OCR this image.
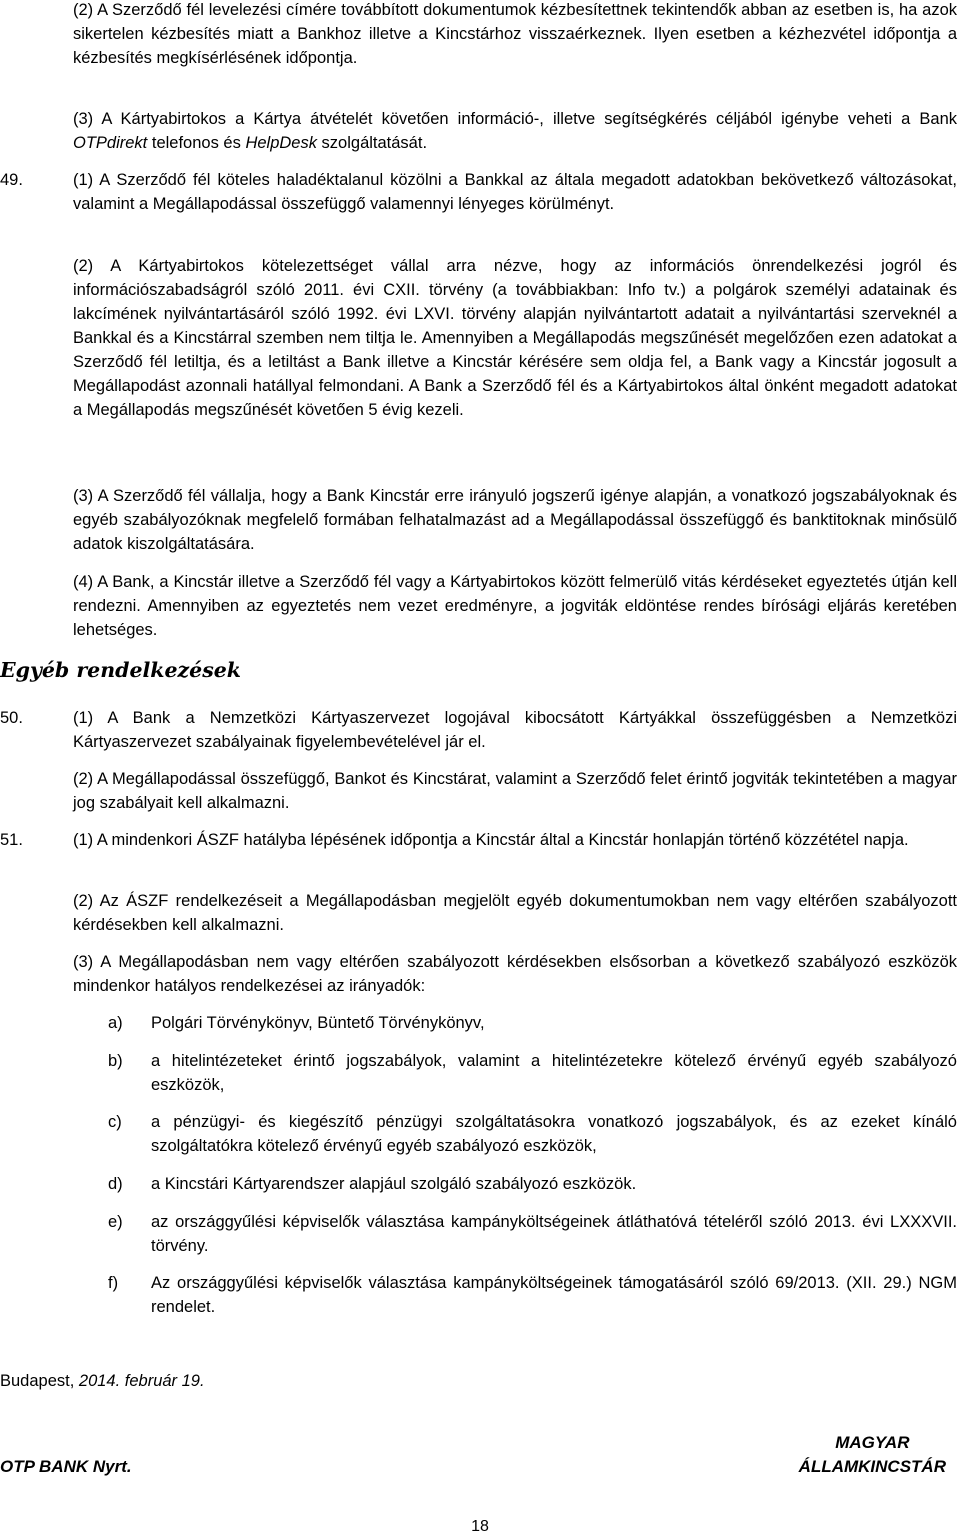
(2) A Szerződő fél levelezési címére továbbított dokumentumok kézbesítettnek tekintendők abban az esetben is, ha azok sikertelen kézbesítés miatt a Bankhoz illetve a Kincstárhoz visszaérkeznek. Ilyen esetben a kézhezvétel időpontja a kézbesítés megkísérlésének időpontja.

(3) A Kártyabirtokos a Kártya átvételét követően információ-, illetve segítségkérés céljából igénybe veheti a Bank OTPdirekt telefonos és HelpDesk szolgáltatását.

49.	(1) A Szerződő fél köteles haladéktalanul közölni a Bankkal az általa megadott adatokban bekövetkező változásokat, valamint a Megállapodással összefüggő valamennyi lényeges körülményt.

(2) A Kártyabirtokos kötelezettséget vállal arra nézve, hogy az információs önrendelkezési jogról és információszabadságról szóló 2011. évi CXII. törvény (a továbbiakban: Info tv.) a polgárok személyi adatainak és lakcímének nyilvántartásáról szóló 1992. évi LXVI. törvény alapján nyilvántartott adatait a nyilvántartási szerveknél a Bankkal és a Kincstárral szemben nem tiltja le. Amennyiben a Megállapodás megszűnését megelőzően ezen adatokat a Szerződő fél letiltja, és a letiltást a Bank illetve a Kincstár kérésére sem oldja fel, a Bank vagy a Kincstár jogosult a Megállapodást azonnali hatállyal felmondani. A Bank a Szerződő fél és a Kártyabirtokos által önként megadott adatokat a Megállapodás megszűnését követően 5 évig kezeli.

(3) A Szerződő fél vállalja, hogy a Bank Kincstár erre irányuló jogszerű igénye alapján, a vonatkozó jogszabályoknak és egyéb szabályozóknak megfelelő formában felhatalmazást ad a Megállapodással összefüggő és banktitoknak minősülő adatok kiszolgáltatására.

(4) A Bank, a Kincstár illetve a Szerződő fél vagy a Kártyabirtokos között felmerülő vitás kérdéseket egyeztetés útján kell rendezni. Amennyiben az egyeztetés nem vezet eredményre, a jogviták eldöntése rendes bírósági eljárás keretében lehetséges.

Egyéb rendelkezések
50.	(1) A Bank a Nemzetközi Kártyaszervezet logojával kibocsátott Kártyákkal összefüggésben a Nemzetközi Kártyaszervezet szabályainak figyelembevételével jár el.

(2) A Megállapodással összefüggő, Bankot és Kincstárat, valamint a Szerződő felet érintő jogviták tekintetében a magyar jog szabályait kell alkalmazni.

51.	(1) A mindenkori ÁSZF hatályba lépésének időpontja a Kincstár által a Kincstár honlapján történő közzététel napja.

(2) Az ÁSZF rendelkezéseit a Megállapodásban megjelölt egyéb dokumentumokban nem vagy eltérően szabályozott kérdésekben kell alkalmazni.

(3) A Megállapodásban nem vagy eltérően szabályozott kérdésekben elsősorban a következő szabályozó eszközök mindenkor hatályos rendelkezései az irányadók:

a) Polgári Törvénykönyv, Büntető Törvénykönyv,
b) a hitelintézeteket érintő jogszabályok, valamint a hitelintézetekre kötelező érvényű egyéb szabályozó eszközök,
c) a pénzügyi- és kiegészítő pénzügyi szolgáltatásokra vonatkozó jogszabályok, és az ezeket kínáló szolgáltatókra kötelező érvényű egyéb szabályozó eszközök,
d) a Kincstári Kártyarendszer alapjául szolgáló szabályozó eszközök.
e) az országgyűlési képviselők választása kampányköltségeinek átláthatóvá tételéről szóló 2013. évi LXXXVII. törvény.
f) Az országgyűlési képviselők választása kampányköltségeinek támogatásáról szóló 69/2013. (XII. 29.) NGM rendelet.

Budapest, 2014. február 19.

OTP BANK Nyrt.
MAGYAR
ÁLLAMKINCSTÁR
18
